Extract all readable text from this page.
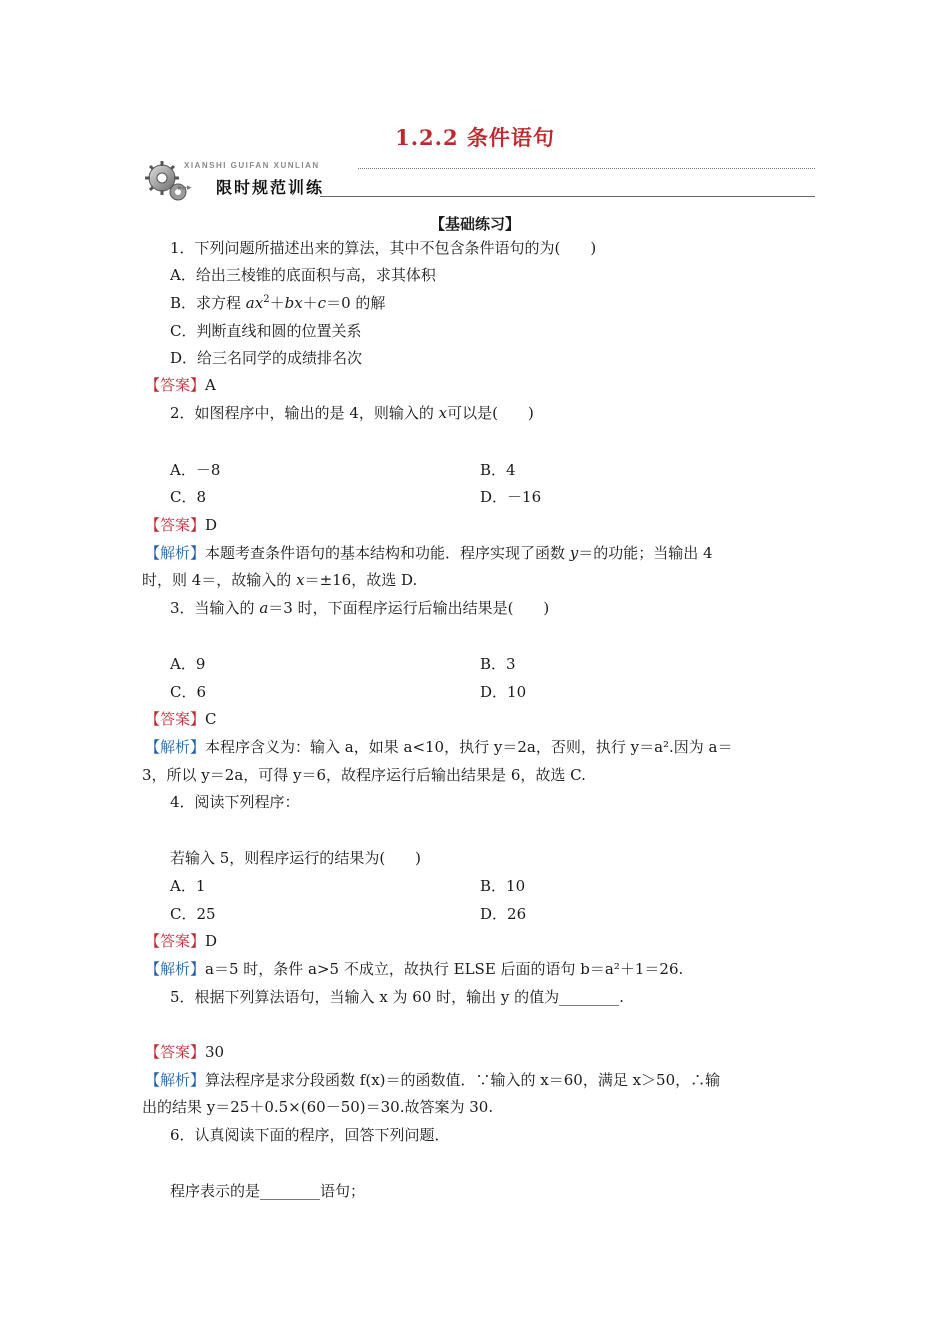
1.2.2 条件语句
XIANSHI GUIFAN XUNLIAN
▸▸▸ 限时规范训练
【基础练习】
1．下列问题所描述出来的算法，其中不包含条件语句的为(　　)
A．给出三棱锥的底面积与高，求其体积
B．求方程 $ax^2+bx+c=0$ 的解
C．判断直线和圆的位置关系
D．给三名同学的成绩排名次
【答案】A
2．如图程序中，输出的是 4，则输入的 x可以是(　　)
A．－8	B．4
C．8	D．－16
【答案】D
【解析】本题考查条件语句的基本结构和功能．程序实现了函数 y＝的功能；当输出 4
时，则 4＝，故输入的 x＝±16，故选 D.
3．当输入的 a＝3 时，下面程序运行后输出结果是(　　)
A．9	B．3
C．6	D．10
【答案】C
【解析】本程序含义为：输入 a，如果 a<10，执行 y＝2a，否则，执行 y＝a².因为 a＝
3，所以 y＝2a，可得 y＝6，故程序运行后输出结果是 6，故选 C.
4．阅读下列程序：
若输入 5，则程序运行的结果为(　　)
A．1	B．10
C．25	D．26
【答案】D
【解析】a＝5 时，条件 a>5 不成立，故执行 ELSE 后面的语句 b＝a²＋1＝26.
5．根据下列算法语句，当输入 x 为 60 时，输出 y 的值为________.
【答案】30
【解析】算法程序是求分段函数 f(x)＝的函数值．∵输入的 x＝60，满足 x＞50，∴输
出的结果 y＝25＋0.5×(60－50)＝30.故答案为 30.
6．认真阅读下面的程序，回答下列问题．
程序表示的是________语句；
